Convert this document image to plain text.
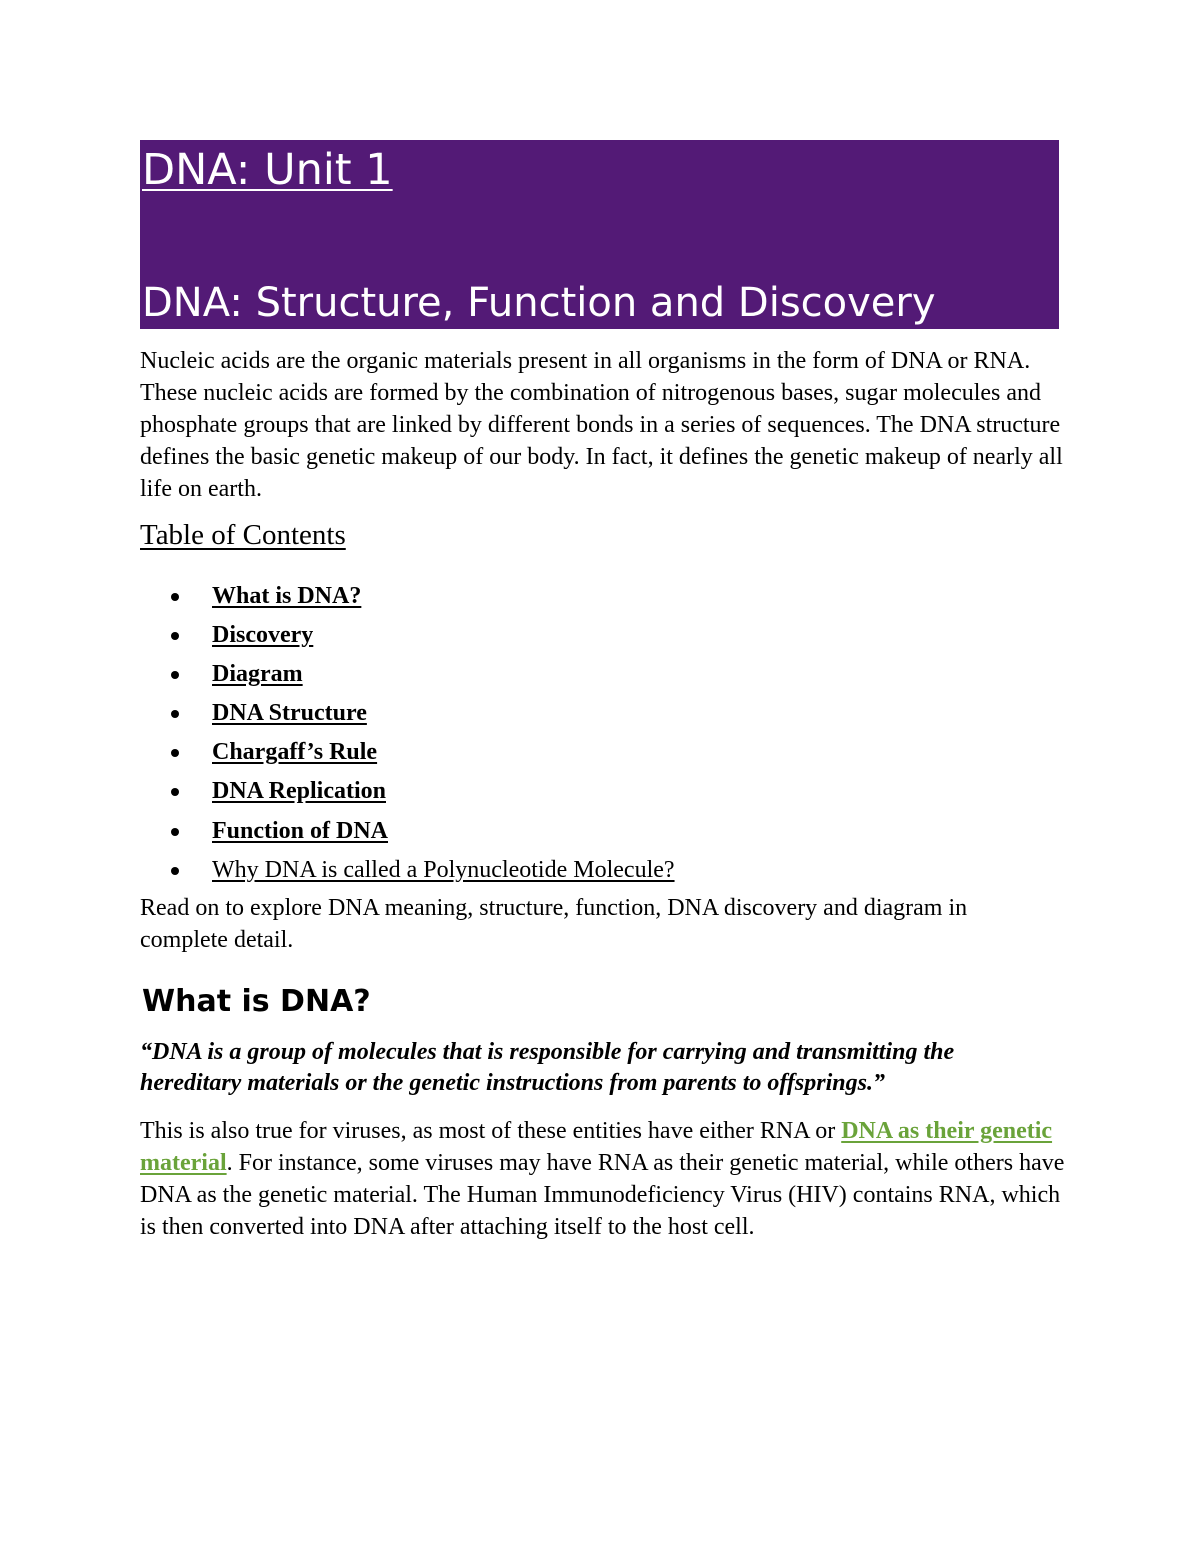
DNA: Unit 1
DNA: Structure, Function and Discovery

Nucleic acids are the organic materials present in all organisms in the form of DNA or RNA. These nucleic acids are formed by the combination of nitrogenous bases, sugar molecules and phosphate groups that are linked by different bonds in a series of sequences. The DNA structure defines the basic genetic makeup of our body. In fact, it defines the genetic makeup of nearly all life on earth.

Table of Contents
What is DNA?
Discovery
Diagram
DNA Structure
Chargaff’s Rule
DNA Replication
Function of DNA
Why DNA is called a Polynucleotide Molecule?

Read on to explore DNA meaning, structure, function, DNA discovery and diagram in complete detail.

What is DNA?

“DNA is a group of molecules that is responsible for carrying and transmitting the hereditary materials or the genetic instructions from parents to offsprings.”

This is also true for viruses, as most of these entities have either RNA or DNA as their genetic material. For instance, some viruses may have RNA as their genetic material, while others have DNA as the genetic material. The Human Immunodeficiency Virus (HIV) contains RNA, which is then converted into DNA after attaching itself to the host cell.
